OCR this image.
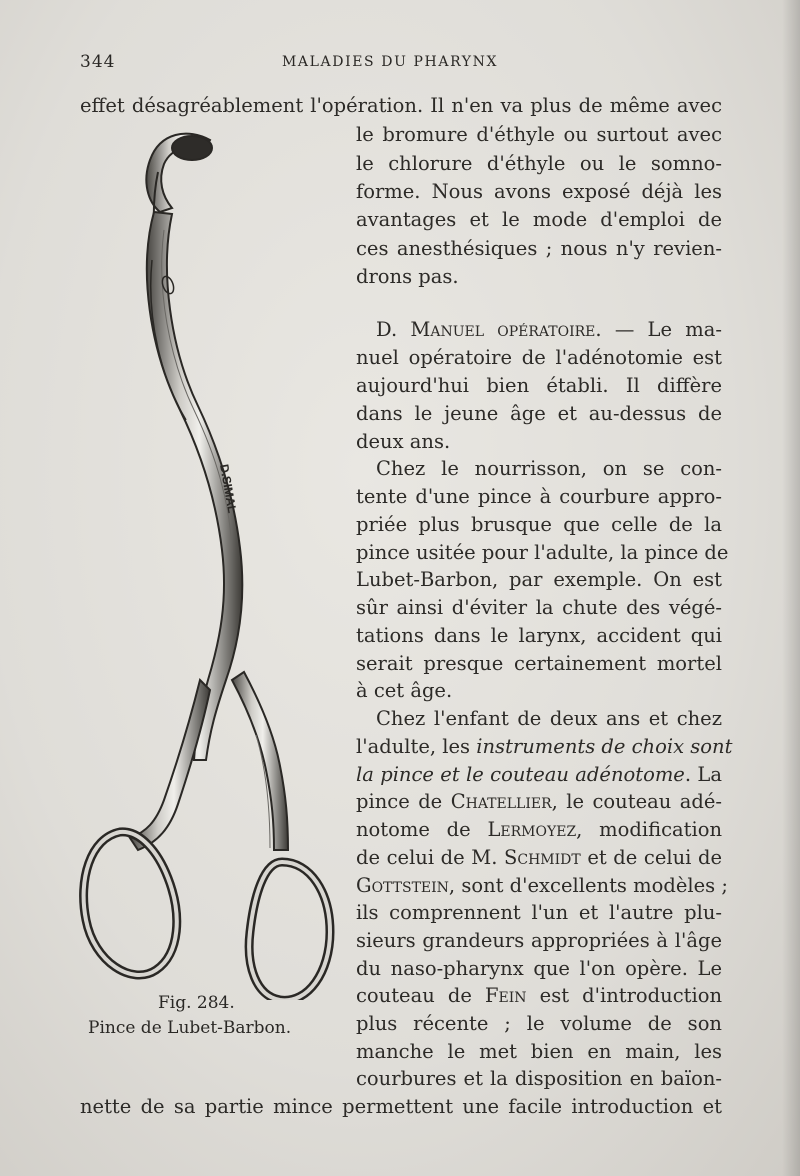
344	MALADIES DU PHARYNX
effet désagréablement l'opération. Il n'en va plus de même avec
le bromure d'éthyle ou surtout avec
le chlorure d'éthyle ou le somno-
forme. Nous avons exposé déjà les
avantages et le mode d'emploi de
ces anesthésiques ; nous n'y revien-
drons pas.
D. Manuel opératoire. — Le ma-
nuel opératoire de l'adénotomie est
aujourd'hui bien établi. Il diffère
dans le jeune âge et au-dessus de
deux ans.
Chez le nourrisson, on se con-
tente d'une pince à courbure appro-
priée plus brusque que celle de la
pince usitée pour l'adulte, la pince de
Lubet-Barbon, par exemple. On est
sûr ainsi d'éviter la chute des végé-
tations dans le larynx, accident qui
serait presque certainement mortel
à cet âge.
Chez l'enfant de deux ans et chez
l'adulte, les instruments de choix sont
la pince et le couteau adénotome. La
pince de Chatellier, le couteau adé-
notome de Lermoyez, modification
de celui de M. Schmidt et de celui de
Gottstein, sont d'excellents modèles ;
ils comprennent l'un et l'autre plu-
sieurs grandeurs appropriées à l'âge
du naso-pharynx que l'on opère. Le
couteau de Fein est d'introduction
plus récente ; le volume de son
manche le met bien en main, les
courbures et la disposition en baïon-
nette de sa partie mince permettent une facile introduction et
D.SIMAL
Fig. 284.
Pince de Lubet-Barbon.
